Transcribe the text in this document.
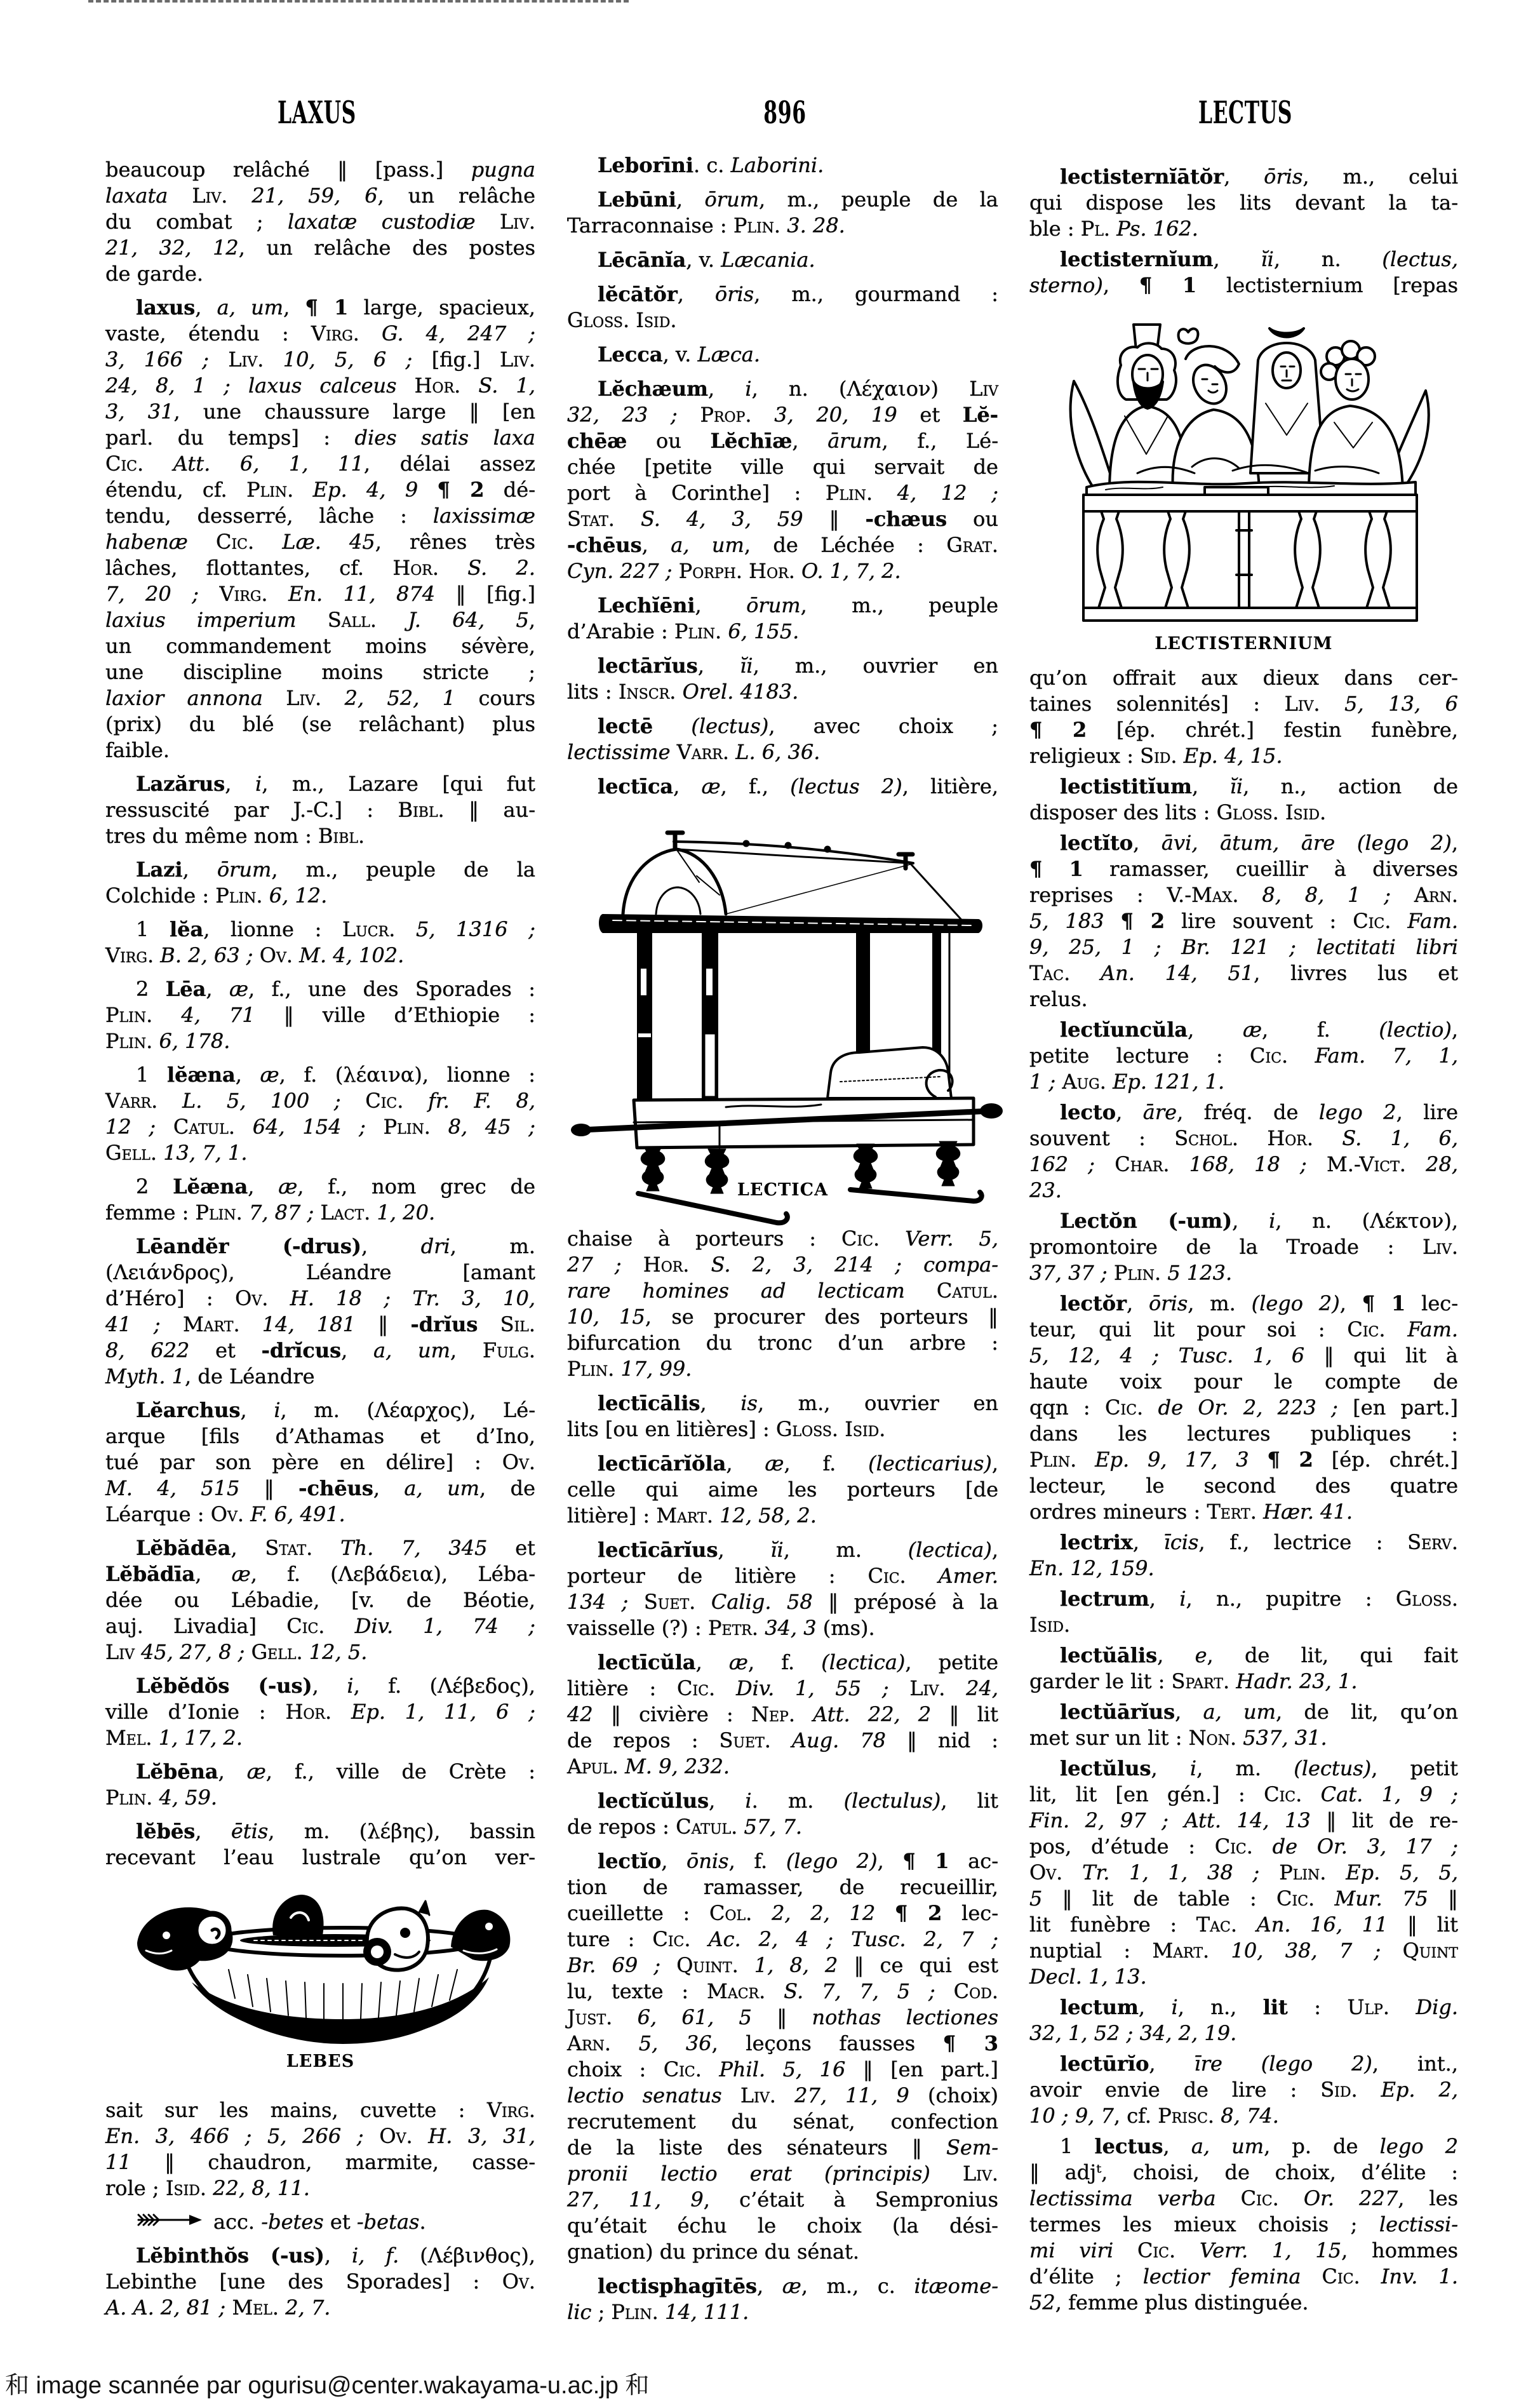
LAXUS	896	LECTUS
beaucoup relâché ‖ [pass.] pugna
laxata Liv. 21, 59, 6, un relâche
du combat ; laxatæ custodiæ Liv.
21, 32, 12, un relâche des postes
de garde.
laxus, a, um, ¶ 1 large, spacieux,
vaste, étendu : Virg. G. 4, 247 ;
3, 166 ; Liv. 10, 5, 6 ; [fig.] Liv.
24, 8, 1 ; laxus calceus Hor. S. 1,
3, 31, une chaussure large ‖ [en
parl. du temps] : dies satis laxa
Cic. Att. 6, 1, 11, délai assez
étendu, cf. Plin. Ep. 4, 9 ¶ 2 dé-
tendu, desserré, lâche : laxissimæ
habenæ Cic. Læ. 45, rênes très
lâches, flottantes, cf. Hor. S. 2.
7, 20 ; Virg. En. 11, 874 ‖ [fig.]
laxius imperium Sall. J. 64, 5,
un commandement moins sévère,
une discipline moins stricte ;
laxior annona Liv. 2, 52, 1 cours
(prix) du blé (se relâchant) plus
faible.
Lazărus, i, m., Lazare [qui fut
ressuscité par J.-C.] : Bibl. ‖ au-
tres du même nom : Bibl.
Lazi, ōrum, m., peuple de la
Colchide : Plin. 6, 12.
1 lĕa, lionne : Lucr. 5, 1316 ;
Virg. B. 2, 63 ; Ov. M. 4, 102.
2 Lēa, æ, f., une des Sporades :
Plin. 4, 71 ‖ ville d’Ethiopie :
Plin. 6, 178.
1 lĕæna, æ, f. (λέαινα), lionne :
Varr. L. 5, 100 ; Cic. fr. F. 8,
12 ; Catul. 64, 154 ; Plin. 8, 45 ;
Gell. 13, 7, 1.
2 Lĕæna, æ, f., nom grec de
femme : Plin. 7, 87 ; Lact. 1, 20.
Lēandĕr (-drus), dri, m.
(Λειάνδρος), Léandre [amant
d’Héro] : Ov. H. 18 ; Tr. 3, 10,
41 ; Mart. 14, 181 ‖ -drĭus Sil.
8, 622 et -drĭcus, a, um, Fulg.
Myth. 1, de Léandre
Lĕarchus, i, m. (Λέαρχος), Lé-
arque [fils d’Athamas et d’Ino,
tué par son père en délire] : Ov.
M. 4, 515 ‖ -chēus, a, um, de
Léarque : Ov. F. 6, 491.
Lĕbădēa, Stat. Th. 7, 345 et
Lĕbădīa, æ, f. (Λεβάδεια), Léba-
dée ou Lébadie, [v. de Béotie,
auj. Livadia] Cic. Div. 1, 74 ;
Liv 45, 27, 8 ; Gell. 12, 5.
Lĕbĕdŏs (-us), i, f. (Λέβεδος),
ville d’Ionie : Hor. Ep. 1, 11, 6 ;
Mel. 1, 17, 2.
Lĕbēna, æ, f., ville de Crète :
Plin. 4, 59.
lĕbēs, ētis, m. (λέβης), bassin
recevant l’eau lustrale qu’on ver-
LEBES
sait sur les mains, cuvette : Virg.
En. 3, 466 ; 5, 266 ; Ov. H. 3, 31,
11 ‖ chaudron, marmite, casse-
role ; Isid. 22, 8, 11.
acc. -betes et -betas.
Lĕbinthŏs (-us), i, f. (Λέβινθος),
Lebinthe [une des Sporades] : Ov.
A. A. 2, 81 ; Mel. 2, 7.
Leborīni. c. Laborini.
Lebūni, ōrum, m., peuple de la
Tarraconnaise : Plin. 3. 28.
Lēcānĭa, v. Læcania.
lĕcātŏr, ōris, m., gourmand :
Gloss. Isid.
Lecca, v. Læca.
Lĕchæum, i, n. (Λέχαιον) Liv
32, 23 ; Prop. 3, 20, 19 et Lĕ-
chēæ ou Lĕchīæ, ārum, f., Lé-
chée [petite ville qui servait de
port à Corinthe] : Plin. 4, 12 ;
Stat. S. 4, 3, 59 ‖ -chæus ou
-chēus, a, um, de Léchée : Grat.
Cyn. 227 ; Porph. Hor. O. 1, 7, 2.
Lechĭēni, ōrum, m., peuple
d’Arabie : Plin. 6, 155.
lectārĭus, ĭi, m., ouvrier en
lits : Inscr. Orel. 4183.
lectē (lectus), avec choix ;
lectissime Varr. L. 6, 36.
lectīca, æ, f., (lectus 2), litière,
LECTICA
chaise à porteurs : Cic. Verr. 5,
27 ; Hor. S. 2, 3, 214 ; compa-
rare homines ad lecticam Catul.
10, 15, se procurer des porteurs ‖
bifurcation du tronc d’un arbre :
Plin. 17, 99.
lectīcālis, is, m., ouvrier en
lits [ou en litières] : Gloss. Isid.
lectīcārĭŏla, æ, f. (lecticarius),
celle qui aime les porteurs [de
litière] : Mart. 12, 58, 2.
lectīcārĭus, ĭi, m. (lectica),
porteur de litière : Cic. Amer.
134 ; Suet. Calig. 58 ‖ préposé à la
vaisselle (?) : Petr. 34, 3 (ms).
lectīcŭla, æ, f. (lectica), petite
litière : Cic. Div. 1, 55 ; Liv. 24,
42 ‖ civière : Nep. Att. 22, 2 ‖ lit
de repos : Suet. Aug. 78 ‖ nid :
Apul. M. 9, 232.
lectĭcŭlus, i. m. (lectulus), lit
de repos : Catul. 57, 7.
lectĭo, ōnis, f. (lego 2), ¶ 1 ac-
tion de ramasser, de recueillir,
cueillette : Col. 2, 2, 12 ¶ 2 lec-
ture : Cic. Ac. 2, 4 ; Tusc. 2, 7 ;
Br. 69 ; Quint. 1, 8, 2 ‖ ce qui est
lu, texte : Macr. S. 7, 7, 5 ; Cod.
Just. 6, 61, 5 ‖ nothas lectiones
Arn. 5, 36, leçons fausses ¶ 3
choix : Cic. Phil. 5, 16 ‖ [en part.]
lectio senatus Liv. 27, 11, 9 (choix)
recrutement du sénat, confection
de la liste des sénateurs ‖ Sem-
pronii lectio erat (principis) Liv.
27, 11, 9, c’était à Sempronius
qu’était échu le choix (la dési-
gnation) du prince du sénat.
lectisphagītēs, æ, m., c. itæome-
lic ; Plin. 14, 111.
lectisternĭātŏr, ōris, m., celui
qui dispose les lits devant la ta-
ble : Pl. Ps. 162.
lectisternĭum, ĭi, n. (lectus,
sterno), ¶ 1 lectisternium [repas
LECTISTERNIUM
qu’on offrait aux dieux dans cer-
taines solennités] : Liv. 5, 13, 6
¶ 2 [ép. chrét.] festin funèbre,
religieux : Sid. Ep. 4, 15.
lectistitĭum, ĭi, n., action de
disposer des lits : Gloss. Isid.
lectĭto, āvi, ātum, āre (lego 2),
¶ 1 ramasser, cueillir à diverses
reprises : V.-Max. 8, 8, 1 ; Arn.
5, 183 ¶ 2 lire souvent : Cic. Fam.
9, 25, 1 ; Br. 121 ; lectitati libri
Tac. An. 14, 51, livres lus et
relus.
lectĭuncŭla, æ, f. (lectio),
petite lecture : Cic. Fam. 7, 1,
1 ; Aug. Ep. 121, 1.
lecto, āre, fréq. de lego 2, lire
souvent : Schol. Hor. S. 1, 6,
162 ; Char. 168, 18 ; M.-Vict. 28,
23.
Lectŏn (-um), i, n. (Λέκτον),
promontoire de la Troade : Liv.
37, 37 ; Plin. 5 123.
lectŏr, ōris, m. (lego 2), ¶ 1 lec-
teur, qui lit pour soi : Cic. Fam.
5, 12, 4 ; Tusc. 1, 6 ‖ qui lit à
haute voix pour le compte de
qqn : Cic. de Or. 2, 223 ; [en part.]
dans les lectures publiques :
Plin. Ep. 9, 17, 3 ¶ 2 [ép. chrét.]
lecteur, le second des quatre
ordres mineurs : Tert. Hær. 41.
lectrix, īcis, f., lectrice : Serv.
En. 12, 159.
lectrum, i, n., pupitre : Gloss.
Isid.
lectŭālis, e, de lit, qui fait
garder le lit : Spart. Hadr. 23, 1.
lectŭārĭus, a, um, de lit, qu’on
met sur un lit : Non. 537, 31.
lectŭlus, i, m. (lectus), petit
lit, lit [en gén.] : Cic. Cat. 1, 9 ;
Fin. 2, 97 ; Att. 14, 13 ‖ lit de re-
pos, d’étude : Cic. de Or. 3, 17 ;
Ov. Tr. 1, 1, 38 ; Plin. Ep. 5, 5,
5 ‖ lit de table : Cic. Mur. 75 ‖
lit funèbre : Tac. An. 16, 11 ‖ lit
nuptial : Mart. 10, 38, 7 ; Quint
Decl. 1, 13.
lectum, i, n., lit : Ulp. Dig.
32, 1, 52 ; 34, 2, 19.
lectūrĭo, īre (lego 2), int.,
avoir envie de lire : Sid. Ep. 2,
10 ; 9, 7, cf. Prisc. 8, 74.
1 lectus, a, um, p. de lego 2
‖ adjᵗ, choisi, de choix, d’élite :
lectissima verba Cic. Or. 227, les
termes les mieux choisis ; lectissi-
mi viri Cic. Verr. 1, 15, hommes
d’élite ; lectior femina Cic. Inv. 1.
52, femme plus distinguée.
和 image scannée par ogurisu@center.wakayama-u.ac.jp 和
